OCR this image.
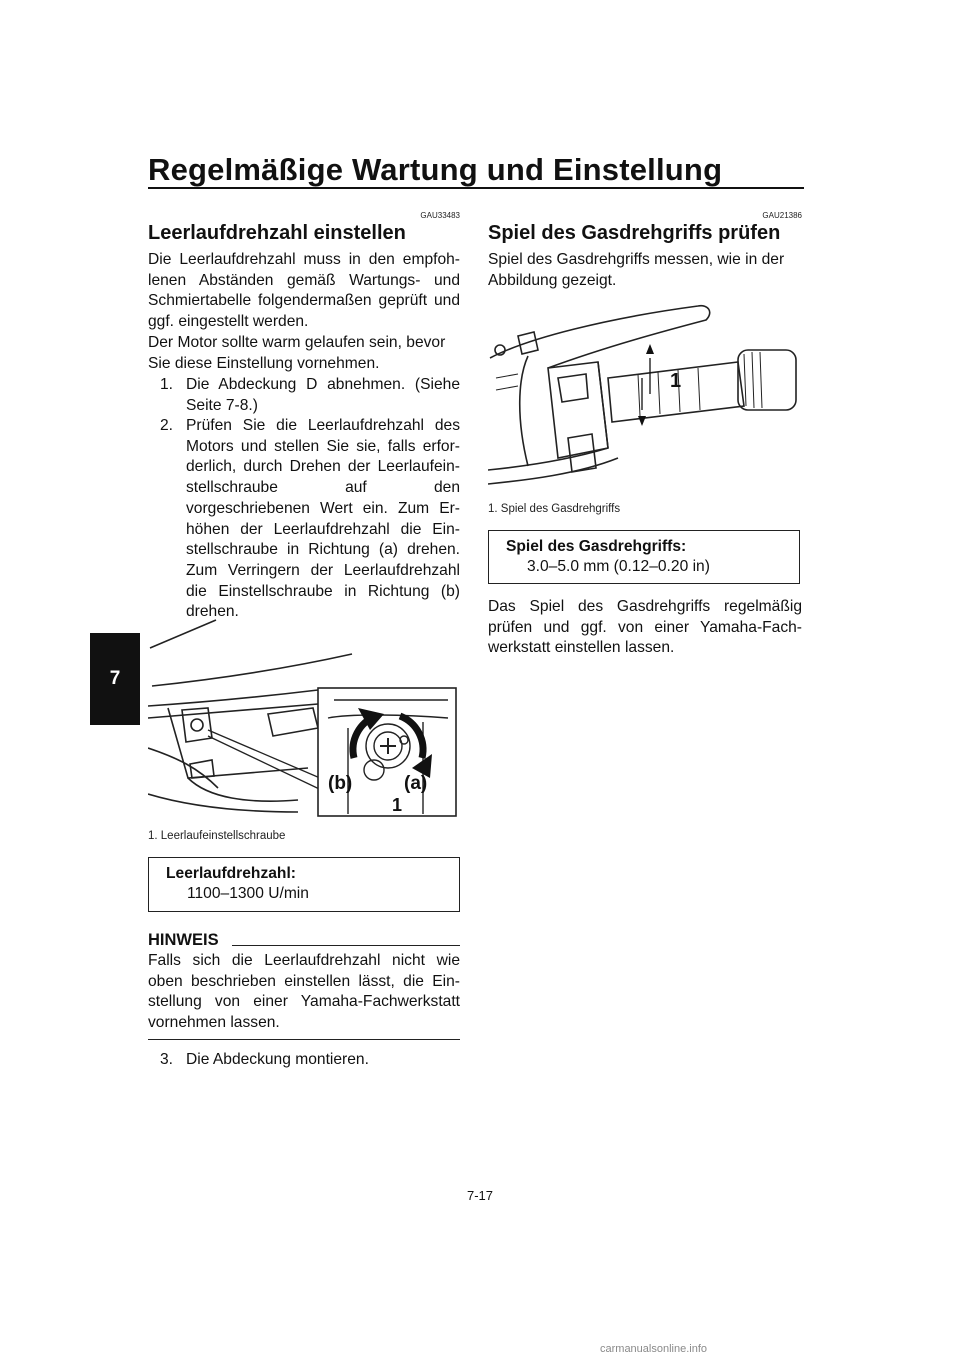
Regelmäßige Wartung und Einstellung
7
GAU33483
Leerlaufdrehzahl einstellen
Die Leerlaufdrehzahl muss in den empfoh-lenen Abständen gemäß Wartungs- und Schmiertabelle folgendermaßen geprüft und ggf. eingestellt werden.
Der Motor sollte warm gelaufen sein, bevor Sie diese Einstellung vornehmen.
1. Die Abdeckung D abnehmen. (Siehe Seite 7-8.)
2. Prüfen Sie die Leerlaufdrehzahl des Motors und stellen Sie sie, falls erfor-derlich, durch Drehen der Leerlaufein-stellschraube auf den vorgeschriebenen Wert ein. Zum Er-höhen der Leerlaufdrehzahl die Ein-stellschraube in Richtung (a) drehen. Zum Verringern der Leerlaufdrehzahl die Einstellschraube in Richtung (b) drehen.
(b)	(a)
1
1. Leerlaufeinstellschraube
Leerlaufdrehzahl:
1100–1300 U/min
HINWEIS
Falls sich die Leerlaufdrehzahl nicht wie oben beschrieben einstellen lässt, die Ein-stellung von einer Yamaha-Fachwerkstatt vornehmen lassen.
3. Die Abdeckung montieren.
GAU21386
Spiel des Gasdrehgriffs prüfen
Spiel des Gasdrehgriffs messen, wie in der Abbildung gezeigt.
1
1. Spiel des Gasdrehgriffs
Spiel des Gasdrehgriffs:
3.0–5.0 mm (0.12–0.20 in)
Das Spiel des Gasdrehgriffs regelmäßig prüfen und ggf. von einer Yamaha-Fach-werkstatt einstellen lassen.
7-17
carmanualsonline.info
